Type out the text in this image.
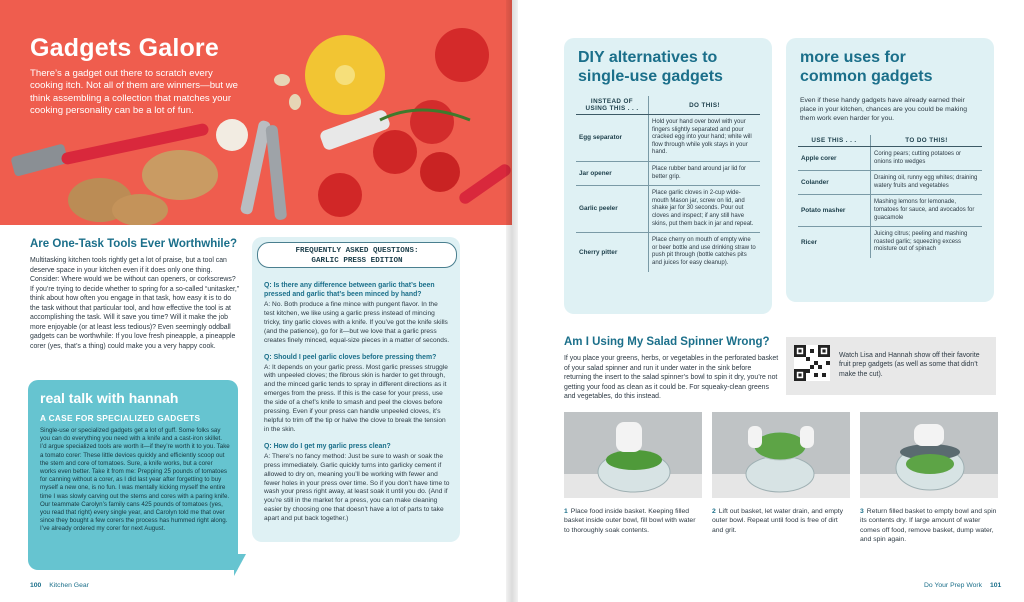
Gadgets Galore

There’s a gadget out there to scratch every cooking itch. Not all of them are winners—but we think assembling a collection that matches your cooking personality can be a lot of fun.

Are One-Task Tools Ever Worthwhile?

Multitasking kitchen tools rightly get a lot of praise, but a tool can deserve space in your kitchen even if it does only one thing. Consider: Where would we be without can openers, or corkscrews? If you’re trying to decide whether to spring for a so-called “unitasker,” think about how often you engage in that task, how easy it is to do the task without that particular tool, and how effective the tool is at accomplishing the task. Will it save you time? Will it make the job more enjoyable (or at least less tedious)? Even seemingly oddball gadgets can be worthwhile: If you love fresh pineapple, a pineapple corer (yes, that’s a thing) could make you a very happy cook.

FREQUENTLY ASKED QUESTIONS:
GARLIC PRESS EDITION

Q: Is there any difference between garlic that’s been pressed and garlic that’s been minced by hand?

A: No. Both produce a fine mince with pungent flavor. In the test kitchen, we like using a garlic press instead of mincing tricky, tiny garlic cloves with a knife. If you’ve got the knife skills (and the patience), go for it—but we love that a garlic press creates finely minced, equal-size pieces in a matter of seconds.

Q: Should I peel garlic cloves before pressing them?

A: It depends on your garlic press. Most garlic presses struggle with unpeeled cloves; the fibrous skin is harder to get through, and the minced garlic tends to spray in different directions as it emerges from the press. If this is the case for your press, use the side of a chef’s knife to smash and peel the cloves before pressing. Even if your press can handle unpeeled cloves, it’s helpful to trim off the tip or halve the clove to break the tension in the skin.

Q: How do I get my garlic press clean?

A: There’s no fancy method: Just be sure to wash or soak the press immediately. Garlic quickly turns into garlicky cement if allowed to dry on, meaning you’ll be working with fewer and fewer holes in your press over time. So if you don’t have time to wash your press right away, at least soak it until you do. (And if you’re still in the market for a press, you can make cleaning easier by choosing one that doesn’t have a lot of parts to take apart and put back together.)

real talk with hannah
A CASE FOR SPECIALIZED GADGETS

Single-use or specialized gadgets get a lot of guff. Some folks say you can do everything you need with a knife and a cast-iron skillet. I’d argue specialized tools are worth it—if they’re worth it to you. Take a tomato corer: These little devices quickly and efficiently scoop out the stem and core of tomatoes. Sure, a knife works, but a corer works even better. Take it from me: Prepping 25 pounds of tomatoes for canning without a corer, as I did last year after forgetting to buy myself a new one, is no fun. I was mentally kicking myself the entire time I was slowly carving out the stems and cores with a paring knife. Our teammate Carolyn’s family cans 425 pounds of tomatoes (yes, you read that right) every single year, and Carolyn told me that over since they bought a few corers the process has hummed right along. I’ve already ordered my corer for next August.

100 Kitchen Gear
DIY alternatives to
single-use gadgets
INSTEAD OF
USING THIS . . .	DO THIS!
Egg separator	Hold your hand over bowl with your fingers slightly separated and pour cracked egg into your hand; white will flow through while yolk stays in your hand.
Jar opener	Place rubber band around jar lid for better grip.
Garlic peeler	Place garlic cloves in 2-cup wide-mouth Mason jar, screw on lid, and shake jar for 30 seconds. Pour out cloves and inspect; if any still have skins, put them back in jar and repeat.
Cherry pitter	Place cherry on mouth of empty wine or beer bottle and use drinking straw to push pit through (bottle catches pits and juices for easy cleanup).
more uses for
common gadgets

Even if these handy gadgets have already earned their place in your kitchen, chances are you could be making them work even harder for you.

USE THIS . . .	TO DO THIS!
Apple corer	Coring pears; cutting potatoes or onions into wedges
Colander	Draining oil, runny egg whites; draining watery fruits and vegetables
Potato masher	Mashing lemons for lemonade, tomatoes for sauce, and avocados for guacamole
Ricer	Juicing citrus; peeling and mashing roasted garlic; squeezing excess moisture out of spinach
Am I Using My Salad Spinner Wrong?

If you place your greens, herbs, or vegetables in the perforated basket of your salad spinner and run it under water in the sink before returning the insert to the salad spinner’s bowl to spin it dry, you’re not getting your food as clean as it could be. For squeaky-clean greens and vegetables, do this instead.

Watch Lisa and Hannah show off their favorite fruit prep gadgets (as well as some that didn’t make the cut).

1 Place food inside basket. Keeping filled basket inside outer bowl, fill bowl with water to thoroughly soak contents.

2 Lift out basket, let water drain, and empty outer bowl. Repeat until food is free of dirt and grit.

3 Return filled basket to empty bowl and spin its contents dry. If large amount of water comes off food, remove basket, dump water, and spin again.

Do Your Prep Work 101
